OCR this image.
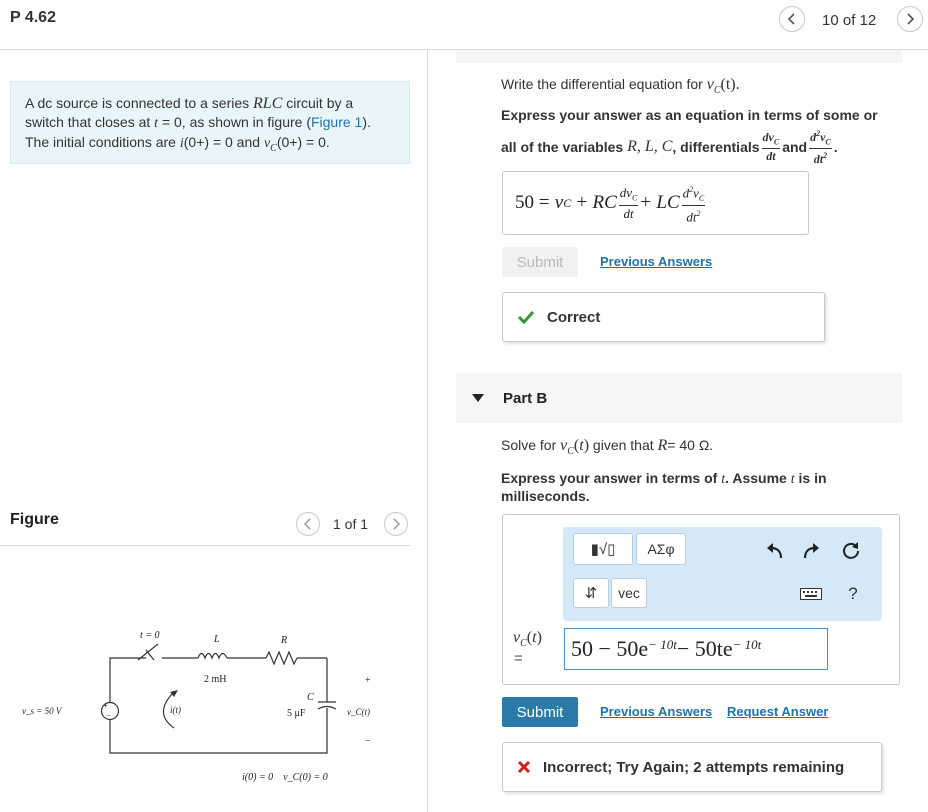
P 4.62	10 of 12
A dc source is connected to a series RLC circuit by a switch that closes at t = 0, as shown in figure (Figure 1). The initial conditions are i(0+) = 0 and $v_C(0+) = 0$.
Figure	1 of 1
+
−
t = 0	L
2 mH
R
v_s = 50 V	i(t)
C
5 μF
+
v_C(t)
−
i(0) = 0    v_C(0) = 0
Write the differential equation for $v_C(t)$.
Express your answer as an equation in terms of some or
all of the variables
R, L, C , differentials $\frac{dv_C}{dt}$ and $\frac{d^2v_C}{dt^2}$ .
50 =
v C
+
RC $\frac{dv_C}{dt}$ +
LC $\frac{d^2v_C}{dt^2}$
Submit	Previous Answers
Correct
Part B
Solve for $v_C(t)$ given that R= 40 Ω.
Express your answer in terms of t. Assume t is in
milliseconds.
▮√▯	ΑΣφ
⇵	vec	?
$v_C(t)$
= $50 - 50e^{- 10t} - 50te^{- 10t}$
Submit	Previous Answers Request Answer
Incorrect; Try Again; 2 attempts remaining
